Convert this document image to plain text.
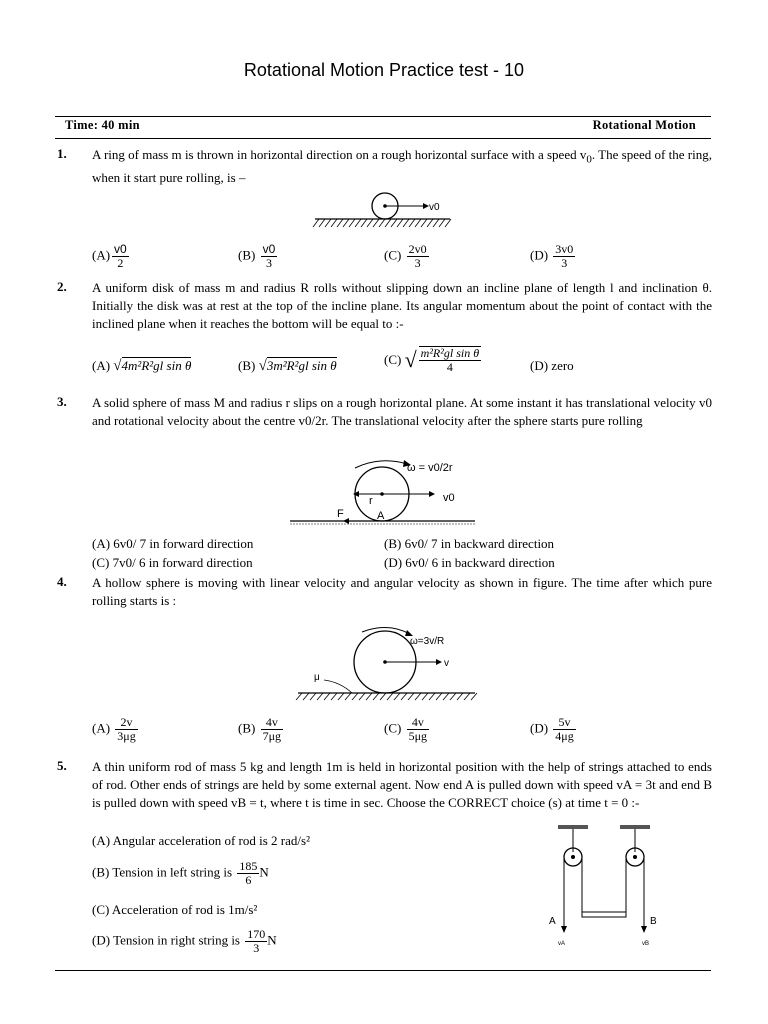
Rotational Motion Practice test - 10
Time: 40 min	Rotational Motion
1. A ring of mass m is thrown in horizontal direction on a rough horizontal surface with a speed $v_0$. The speed of the ring, when it start pure rolling, is –
v0
$(A) \frac{v0}{2}$	$(B) \frac{v0}{3}$	$(C) \frac{2v0}{3}$	$(D) \frac{3v0}{3}$
2. A uniform disk of mass m and radius R rolls without slipping down an incline plane of length l and inclination θ. Initially the disk was at rest at the top of the incline plane. Its angular momentum about the point of contact with the inclined plane when it reaches the bottom will be equal to :-
(A) √4m²R²gl sin θ	(B) √3m²R²gl sin θ	(C) √ $\frac{\text{m²R²gl sin θ}}{4}$	(D) zero
3. A solid sphere of mass M and radius r slips on a rough horizontal plane. At some instant it has translational velocity v0 and rotational velocity about the centre v0/2r. The translational velocity after the sphere starts pure rolling
ω = v0/2r
r	v0
F	A
(A) 6v0/ 7 in forward direction	(B) 6v0/ 7 in backward direction
(C) 7v0/ 6 in forward direction	(D) 6v0/ 6 in backward direction
4. A hollow sphere is moving with linear velocity and angular velocity as shown in figure. The time after which pure rolling starts is :
ω=3v/R
v
μ
$(A) \frac{2v}{3\mu g}$	$(B) \frac{4v}{7\mu g}$	$(C) \frac{4v}{5\mu g}$	$(D) \frac{5v}{4\mu g}$
5. A thin uniform rod of mass 5 kg and length 1m is held in horizontal position with the help of strings attached to ends of rod. Other ends of strings are held by some external agent. Now end A is pulled down with speed vA = 3t and end B is pulled down with speed vB = t, where t is time in sec. Choose the CORRECT choice (s) at time t = 0 :-
(A) Angular acceleration of rod is 2 rad/s²
(B) Tension in left string is $\frac{185}{6}$ N
(C) Acceleration of rod is 1m/s²
(D) Tension in right string is $\frac{170}{3}$ N
A	B
vA	vB
